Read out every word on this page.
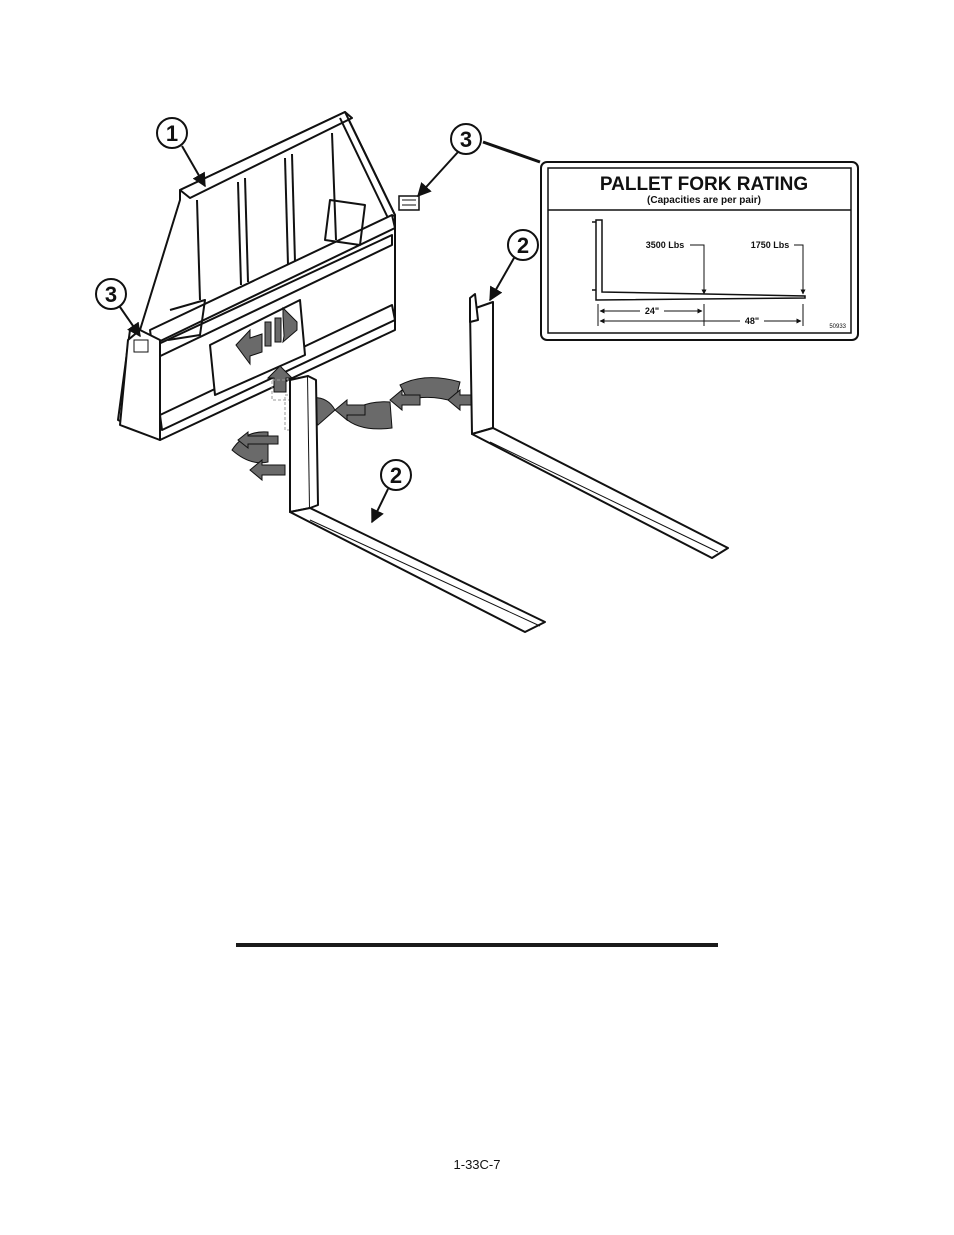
1
3
3
2
2
PALLET FORK RATING
(Capacities are per pair)
3500 Lbs	1750 Lbs
24"
48"
50933
1-33C-7
